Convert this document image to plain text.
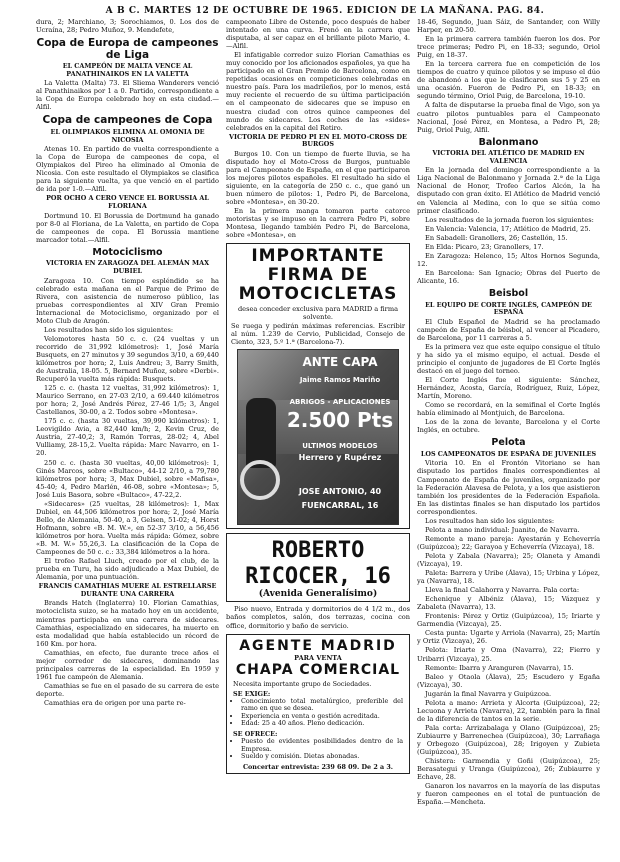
A B C. MARTES 12 DE OCTUBRE DE 1965. EDICION DE LA MAÑANA. PAG. 84.

dura, 2; Marchiano, 3; Sorochiamos, 0. Los dos de Ucraína, 28; Pedro Muñoz, 9. Mendefete,

Copa de Europa de campeones de Liga
EL CAMPEÓN DE MALTA VENCE AL PANATHINAIKOS EN LA VALETTA

La Valetta (Malta) 73. El Sliema Wanderers venció al Panathinaikos por 1 a 0. Partido, correspondiente a la Copa de Europa celebrado hoy en esta ciudad.—Alfil.

Copa de campeones de Copa
EL OLIMPIAKOS ELIMINA AL OMONIA DE NICOSIA

Atenas 10. En partido de vuelta correspondiente a la Copa de Europa de campeones de copa, el Olympiakos del Pireo ha eliminado al Omonia de Nicosia. Con este resultado el Olympiakos se clasifica para la siguiente vuelta, ya que venció en el partido de ida por 1-0.—Alfil.

POR OCHO A CERO VENCE EL BORUSSIA AL FLORIANA

Dortmund 10. El Borussia de Dortmund ha ganado por 8-0 al Floriana, de La Valetta, en partido de Copa de campeones de copa. El Borussia mantiene marcador total.—Alfil.

Motociclismo
VICTORIA EN ZARAGOZA DEL ALEMÁN MAX DUBIEL

Zaragoza 10. Con tiempo espléndido se ha celebrado esta mañana en el Parque de Primo de Rivera, con asistencia de numeroso público, las pruebas correspondientes al XIV Gran Premio Internacional de Motociclismo, organizado por el Moto Club de Aragón.

Los resultados han sido los siguientes:

Velomotores hasta 50 c. c. (24 vueltas y un recorrido de 31,992 kilómetros): 1, José María Busquets, en 27 minutos y 39 segundos 3/10, a 69,440 kilómetros por hora; 2, Luis Andreu; 3, Barry Smith, de Australia, 18-05. 5, Bernard Muñoz, sobre «Derbi». Recuperó la vuelta más rápida: Busquets.

125 c. c. (hasta 12 vueltas, 31,992 kilómetros): 1, Maurico Serrano, en 27-03 2/10, a 69.440 kilómetros por hora; 2, José Andrés Pérez, 27-46 1/5; 3, Ángel Castellanos, 30-00, a 2. Todos sobre «Montesa».

175 c. c. (hasta 30 vueltas, 39,990 kilómetros): 1, Leovigildo Avia, a 82,440 km/h; 2, Kevin Cruz, de Austria, 27-40,2; 3, Ramón Torras, 28-02; 4, Abel Vulliamy, 28-15,2. Vuelta rápida: Marc Navarro, en 1-20.

250 c. c. (hasta 30 vueltas, 40,00 kilómetros): 1, Ginés Marcos, sobre «Bultaco», 44-12 2/10, a 79,780 kilómetros por hora; 3, Max Dubiel, sobre «Mafisa», 45-40; 4, Pedro Marlén, 46-08, sobre «Montesa»; 5, José Luis Basora, sobre «Bultaco», 47-22,2.

«Sidecares» (25 vueltas, 28 kilómetros): 1, Max Dubiel, en 44,506 kilómetros por hora; 2, José María Bello, de Alemania, 50-40, a 3, Gelsen, 51-02; 4, Horst Hofmann, sobre «B. M. W.», en 52-37 3/10, a 56,456 kilómetros por hora. Vuelta más rápida: Gómez, sobre «B. M. W.» 55,26,3. La clasificación de la Copa de Campeones de 50 c. c.: 33,384 kilómetros a la hora.

El trofeo Rafael Lluch, creado por el club, de la prueba en Turu, ha sido adjudicado a Max Dubiel, de Alemania, por una puntuación.

FRANCIS CAMATHIAS MUERE AL ESTRELLARSE DURANTE UNA CARRERA

Brands Hatch (Inglaterra) 10. Florian Camathias, motociclista suizo, se ha matado hoy en un accidente, mientras participaba en una carrera de sidecares. Camathias, especializado en sidecares, ha muerto en esta modalidad que había establecido un récord de 160 Km. por hora.

Camathias, en efecto, fue durante trece años el mejor corredor de sidecares, dominando las principales carreras de la especialidad. En 1959 y 1961 fue campeón de Alemania.

Camathias se fue en el pasado de su carrera de este deporte.

Camathias era de origen por una parte re-

campeonato Libre de Ostende, poco después de haber intentado en una curva. Frenó en la carrera que disputaba, al ser capaz en el brillante piloto Mario, 4.—Alfil.

El infatigable corredor suizo Florian Camathias es muy conocido por los aficionados españoles, ya que ha participado en el Gran Premio de Barcelona, como en repetidas ocasiones en competiciones celebradas en nuestro país. Para los madrileños, por lo menos, está muy reciente el recuerdo de su última participación en el campeonato de sidecares que se impuso en nuestra ciudad con otros quince campeones del mundo de sidecares. Los coches de las «sides» celebrados en la capital del Retiro.

VICTORIA DE PEDRO PI EN EL MOTO-CROSS DE BURGOS

Burgos 10. Con un tiempo de fuerte lluvia, se ha disputado hoy el Moto-Cross de Burgos, puntuable para el Campeonato de España, en el que participaron los mejores pilotos españoles. El resultado ha sido el siguiente, en la categoría de 250 c. c., que ganó un buen número de pilotos: 1, Pedro Pi, de Barcelona, sobre «Montesa», en 30-20.

En la primera manga tomaron parte catorce motoristas y se impuso en la carrera Pedro Pi, sobre Montesa, llegando también Pedro Pi, de Barcelona, sobre «Montesa», en

IMPORTANTE FIRMA DE MOTOCICLETAS
desea conceder exclusiva para MADRID a firma solvente.
Se ruega y pedirán máximas referencias. Escribir al núm. 1.239 de Cervio, Publicidad, Consejo de Ciento, 323, 5.º 1.ª (Barcelona-7).
ANTE CAPA
Jaime Ramos Mariño
ABRIGOS - APLICACIONES
2.500 Pts
ULTIMOS MODELOS
Herrero y Rupérez
JOSE ANTONIO, 40
FUENCARRAL, 16
ROBERTO RICOCER, 16
(Avenida Generalísimo)

Piso nuevo, Entrada y dormitorios de 4 1/2 m., dos baños completos, salón, dos terrazas, cocina con office, dormitorio y baño de servicio.

AGENTE MADRID
PARA VENTA
CHAPA COMERCIAL
Necesita importante grupo de Sociedades.
SE EXIGE:
• Conocimiento total metalúrgico, preferible del ramo en que se desea.
• Experiencia en venta o gestión acreditada.
• Edad: 25 a 40 años. Pleno dedicación.
SE OFRECE:
• Puesto de evidentes posibilidades dentro de la Empresa.
• Sueldo y comisión. Dietas abonadas.
Concertar entrevista: 239 68 09. De 2 a 3.

18-46, Segundo, Juan Sáiz, de Santander, con Willy Harper, en 20-50.

En la primera carrera también fueron los dos. Por trece primeras; Pedro Pi, en 18-33; segundo, Oriol Puig, en 18-37.

En la tercera carrera fue en competición de los tiempos de cuatro y quince pilotos y se impuso el dúo de abandonó a los que le clasificaron sus 5 y 25 en una ocasión. Fueron de Pedro Pi, en 18-33; en segundo término, Oriol Puig, de Barcelona, 19-10.

A falta de disputarse la prueba final de Vigo, son ya cuatro pilotos puntuables para el Campeonato Nacional, José Pérez, en Montesa, a Pedro Pi, 28; Puig, Oriol Puig, Alfil.

Balonmano
VICTORIA DEL ATLÉTICO DE MADRID EN VALENCIA

En la jornada del domingo correspondiente a la Liga Nacional de Balonmano y Jornada 2.ª de la Liga Nacional de Honor, Trofeo Carlos Alcón, la ha disputado con gran éxito. El Atlético de Madrid venció en Valencia al Medina, con lo que se sitúa como primer clasificado.

Los resultados de la jornada fueron los siguientes:

En Valencia: Valencia, 17; Atlético de Madrid, 25.

En Sabadell: Granollers, 26; Castellón, 15.

En Elda: Picaro, 23; Granollers, 17.

En Zaragoza: Helenco, 15; Altos Hornos Segunda, 12.

En Barcelona: San Ignacio; Obras del Puerto de Alicante, 16.

Beisbol
EL EQUIPO DE CORTE INGLÉS, CAMPEÓN DE ESPAÑA

El Club Español de Madrid se ha proclamado campeón de España de béisbol, al vencer al Picadero, de Barcelona, por 11 carreras a 5.

Es la primera vez que este equipo consigue el título y ha sido ya el mismo equipo, el actual. Desde el principio el conjunto de jugadores de El Corte Inglés destacó en el juego del torneo.

El Corte Inglés fue el siguiente: Sánchez, Hernández, Acosta, García, Rodríguez, Ruiz, López, Martín, Moreno.

Como se recordará, en la semifinal el Corte Inglés había eliminado al Montjuich, de Barcelona.

Los de la zona de levante, Barcelona y el Corte Inglés, en octubre.

Pelota
LOS CAMPEONATOS DE ESPAÑA DE JUVENILES

Vitoria 10. En el Frontón Vitoriano se han disputado los partidos finales correspondientes al Campeonato de España de juveniles, organizado por la Federación Alavesa de Pelota, y a los que asistieron también los presidentes de la Federación Española. En las distintas finales se han disputado los partidos correspondientes.

Los resultados han sido los siguientes:

Pelota a mano individual: Juanito, de Navarra.

Remonte a mano pareja: Ayestarán y Echeverría (Guipúzcoa); 22; Garayoa y Echeverría (Vizcaya), 18.

Pelota y Zabala (Navarra); 25; Olaneta y Amandi (Vizcaya), 19.

Paleta: Barrera y Uribe (Álava), 15; Urbina y López, ya (Navarra), 18.

Lleva la final Calahorra y Navarra. Pala corta:

Echenique y Albéniz (Álava), 15; Vázquez y Zabaleta (Navarra), 13.

Frontenis: Pérez y Ortiz (Guipúzcoa), 15; Iriarte y Garmendia (Vizcaya), 25.

Cesta punta: Ugarte y Arriola (Navarra), 25; Martín y Ortiz (Vizcaya), 26.

Pelota: Iriarte y Oma (Navarra), 22; Fierro y Uribarri (Vizcaya), 25.

Remonte: Ibarra y Aranguren (Navarra), 15.

Baleo y Otaola (Álava), 25; Escudero y Egaña (Vizcaya), 30.

Jugarán la final Navarra y Guipúzcoa.

Pelota a mano: Arrieta y Alcorta (Guipúzcoa), 22; Lecuona y Arrieta (Navarra), 22, también para la final de la diferencia de tantos en la serie.

Pala corta: Arrizabalaga y Olano (Guipúzcoa), 25; Zubiaurre y Barrenechea (Guipúzcoa), 30; Larrañaga y Orbegozo (Guipúzcoa), 28; Irigoyen y Zubieta (Guipúzcoa), 35.

Chistera: Garmendia y Goñi (Guipúzcoa), 25; Berasategui y Uranga (Guipúzcoa), 26; Zubiaurre y Echave, 28.

Ganaron los navarros en la mayoría de las disputas y fueron campeones en el total de puntuación de España.—Mencheta.
